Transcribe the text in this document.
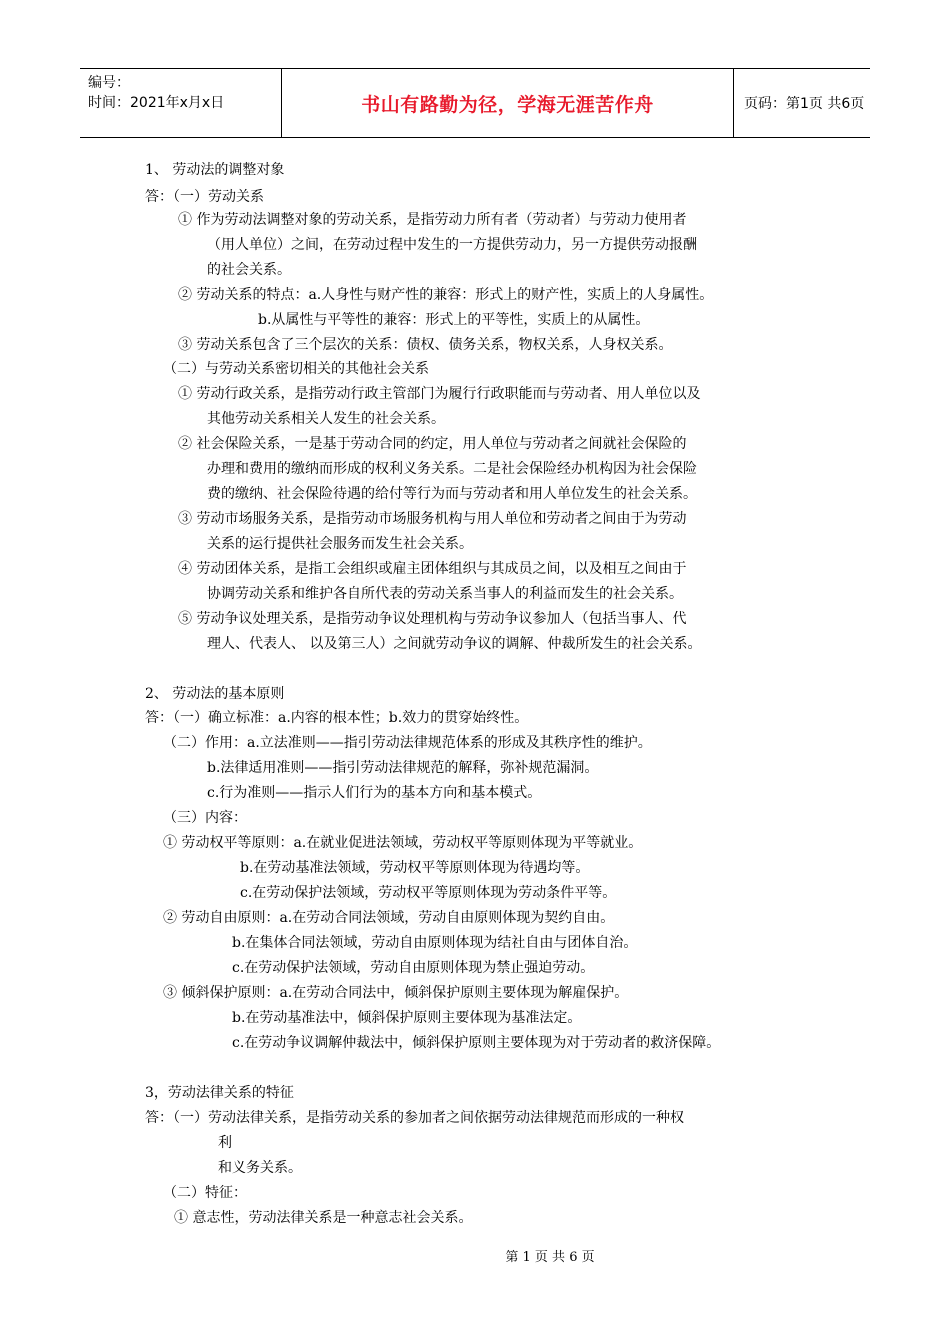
编号：
时间：2021年x月x日	书山有路勤为径，学海无涯苦作舟	页码：第1页 共6页
1、 劳动法的调整对象
答：（一）劳动关系
① 作为劳动法调整对象的劳动关系，是指劳动力所有者（劳动者）与劳动力使用者
（用人单位）之间，在劳动过程中发生的一方提供劳动力，另一方提供劳动报酬
的社会关系。
② 劳动关系的特点：a.人身性与财产性的兼容：形式上的财产性，实质上的人身属性。
b.从属性与平等性的兼容：形式上的平等性，实质上的从属性。
③ 劳动关系包含了三个层次的关系：债权、债务关系，物权关系，人身权关系。
（二）与劳动关系密切相关的其他社会关系
① 劳动行政关系，是指劳动行政主管部门为履行行政职能而与劳动者、用人单位以及
其他劳动关系相关人发生的社会关系。
② 社会保险关系，一是基于劳动合同的约定，用人单位与劳动者之间就社会保险的
办理和费用的缴纳而形成的权利义务关系。二是社会保险经办机构因为社会保险
费的缴纳、社会保险待遇的给付等行为而与劳动者和用人单位发生的社会关系。
③ 劳动市场服务关系，是指劳动市场服务机构与用人单位和劳动者之间由于为劳动
关系的运行提供社会服务而发生社会关系。
④ 劳动团体关系，是指工会组织或雇主团体组织与其成员之间，以及相互之间由于
协调劳动关系和维护各自所代表的劳动关系当事人的利益而发生的社会关系。
⑤ 劳动争议处理关系，是指劳动争议处理机构与劳动争议参加人（包括当事人、代
理人、代表人、 以及第三人）之间就劳动争议的调解、仲裁所发生的社会关系。
2、 劳动法的基本原则
答：（一）确立标准：a.内容的根本性；b.效力的贯穿始终性。
（二）作用：a.立法准则——指引劳动法律规范体系的形成及其秩序性的维护。
b.法律适用准则——指引劳动法律规范的解释，弥补规范漏洞。
c.行为准则——指示人们行为的基本方向和基本模式。
（三）内容：
① 劳动权平等原则：a.在就业促进法领域，劳动权平等原则体现为平等就业。
b.在劳动基准法领域，劳动权平等原则体现为待遇均等。
c.在劳动保护法领域，劳动权平等原则体现为劳动条件平等。
② 劳动自由原则：a.在劳动合同法领域，劳动自由原则体现为契约自由。
b.在集体合同法领域，劳动自由原则体现为结社自由与团体自治。
c.在劳动保护法领域，劳动自由原则体现为禁止强迫劳动。
③ 倾斜保护原则：a.在劳动合同法中，倾斜保护原则主要体现为解雇保护。
b.在劳动基准法中，倾斜保护原则主要体现为基准法定。
c.在劳动争议调解仲裁法中，倾斜保护原则主要体现为对于劳动者的救济保障。
3，劳动法律关系的特征
答：（一）劳动法律关系，是指劳动关系的参加者之间依据劳动法律规范而形成的一种权
利
和义务关系。
（二）特征：
① 意志性，劳动法律关系是一种意志社会关系。
第 1 页 共 6 页
